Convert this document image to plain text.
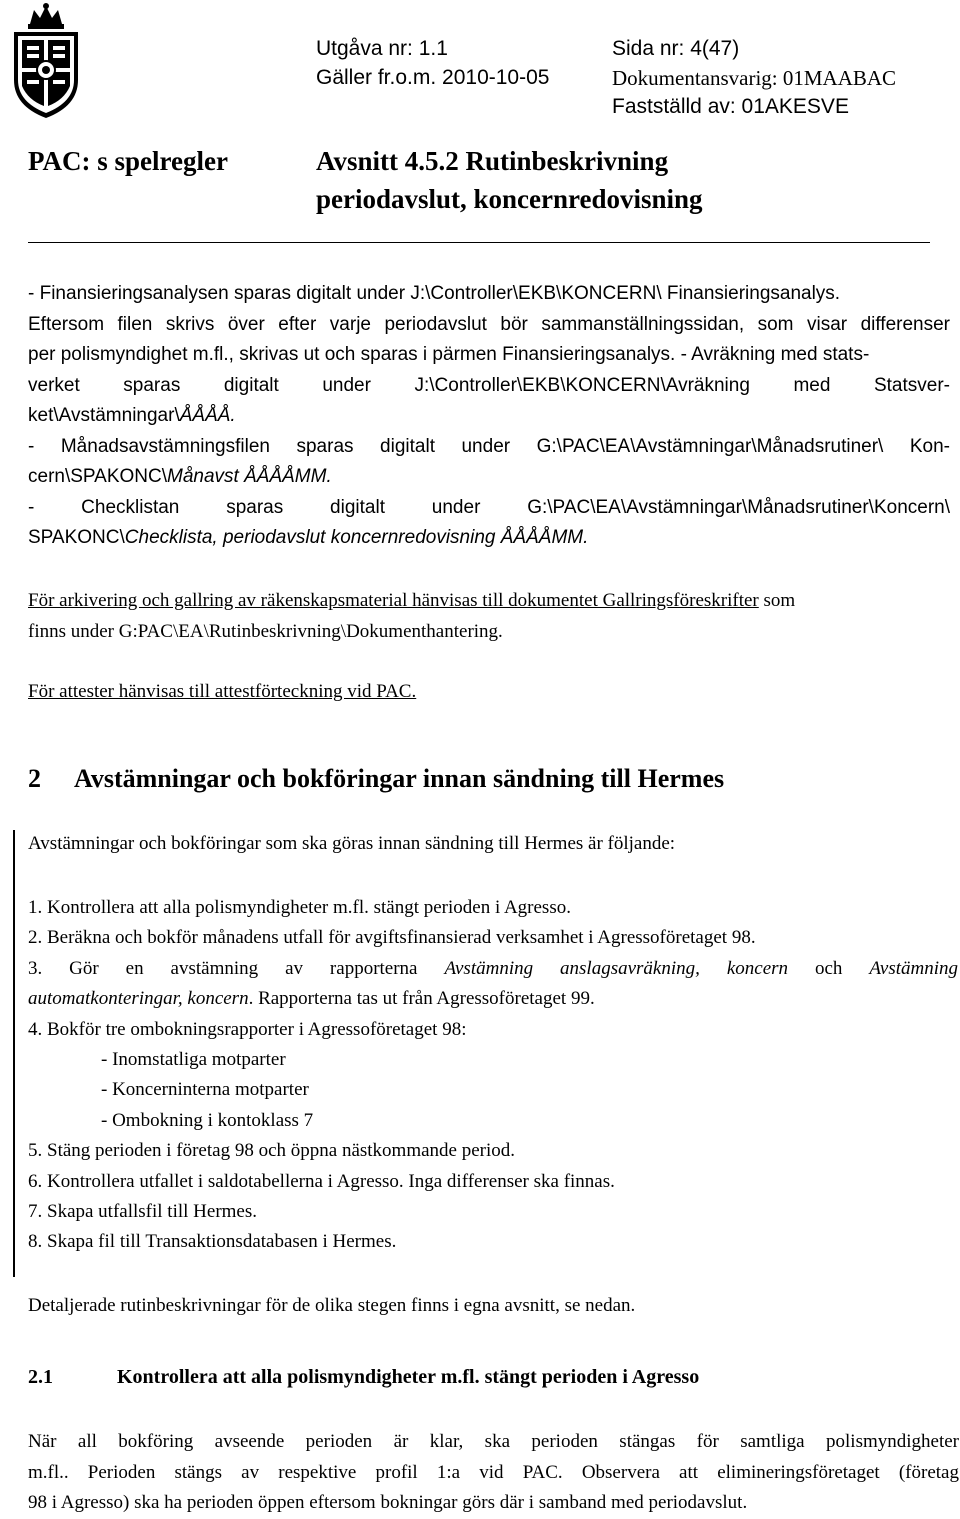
Utgåva nr: 1.1	Sida nr: 4(47)
Gäller fr.o.m. 2010-10-05	Dokumentansvarig: 01MAABAC
Fastställd av: 01AKESVE
PAC: s spelregler	Avsnitt 4.5.2 Rutinbeskrivning
periodavslut, koncernredovisning
- Finansieringsanalysen sparas digitalt under J:\Controller\EKB\KONCERN\ Finansieringsanalys.
Eftersom filen skrivs över efter varje periodavslut bör sammanställningssidan, som visar differenser
per polismyndighet m.fl., skrivas ut och sparas i pärmen Finansieringsanalys. - Avräkning med stats-
verket sparas digitalt under J:\Controller\EKB\KONCERN\Avräkning med Statsver-
ket\Avstämningar\ÅÅÅÅ.
- Månadsavstämningsfilen sparas digitalt under G:\PAC\EA\Avstämningar\Månadsrutiner\ Kon-
cern\SPAKONC\Månavst ÅÅÅÅMM.
- Checklistan sparas digitalt under G:\PAC\EA\Avstämningar\Månadsrutiner\Koncern\
SPAKONC\Checklista, periodavslut koncernredovisning ÅÅÅÅMM.
För arkivering och gallring av räkenskapsmaterial hänvisas till dokumentet Gallringsföreskrifter som
finns under G:PAC\EA\Rutinbeskrivning\Dokumenthantering.
För attester hänvisas till attestförteckning vid PAC.
2 Avstämningar och bokföringar innan sändning till Hermes
Avstämningar och bokföringar som ska göras innan sändning till Hermes är följande:
1. Kontrollera att alla polismyndigheter m.fl. stängt perioden i Agresso.
2. Beräkna och bokför månadens utfall för avgiftsfinansierad verksamhet i Agressoföretaget 98.
3. Gör en avstämning av rapporterna Avstämning anslagsavräkning, koncern och Avstämning
automatkonteringar, koncern. Rapporterna tas ut från Agressoföretaget 99.
4. Bokför tre ombokningsrapporter i Agressoföretaget 98:
- Inomstatliga motparter
- Koncerninterna motparter
- Ombokning i kontoklass 7
5. Stäng perioden i företag 98 och öppna nästkommande period.
6. Kontrollera utfallet i saldotabellerna i Agresso. Inga differenser ska finnas.
7. Skapa utfallsfil till Hermes.
8. Skapa fil till Transaktionsdatabasen i Hermes.
Detaljerade rutinbeskrivningar för de olika stegen finns i egna avsnitt, se nedan.
2.1	Kontrollera att alla polismyndigheter m.fl. stängt perioden i Agresso
När all bokföring avseende perioden är klar, ska perioden stängas för samtliga polismyndigheter
m.fl.. Perioden stängs av respektive profil 1:a vid PAC. Observera att elimineringsföretaget (företag
98 i Agresso) ska ha perioden öppen eftersom bokningar görs där i samband med periodavslut.
